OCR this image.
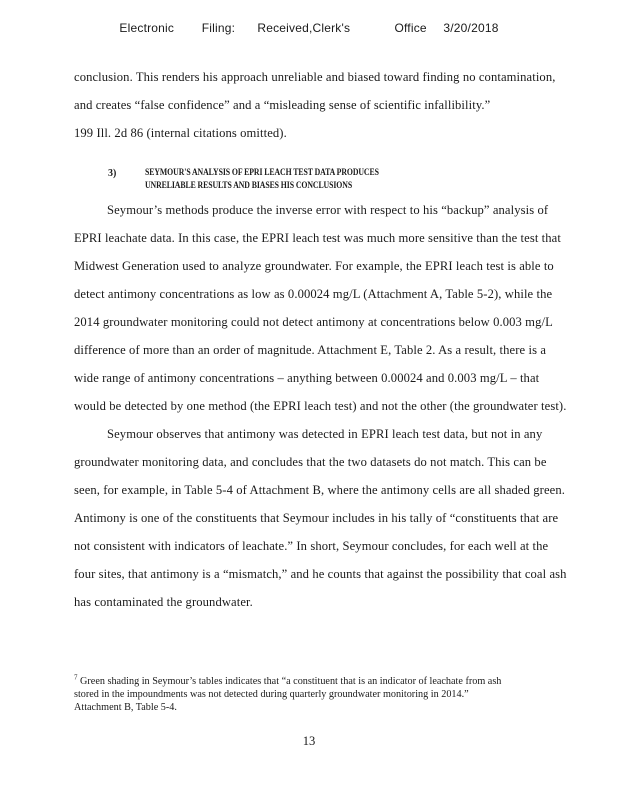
Electronic     Filing:    Received,Clerk's        Office   3/20/2018
conclusion. This renders his approach unreliable and biased toward finding no contamination,
and creates “false confidence” and a “misleading sense of scientific infallibility.”
199 Ill. 2d 86 (internal citations omitted).
3)	SEYMOUR'S ANALYSIS OF EPRI LEACH TEST DATA PRODUCES
UNRELIABLE RESULTS AND BIASES HIS CONCLUSIONS
Seymour’s methods produce the inverse error with respect to his “backup” analysis of
EPRI leachate data. In this case, the EPRI leach test was much more sensitive than the test that
Midwest Generation used to analyze groundwater. For example, the EPRI leach test is able to
detect antimony concentrations as low as 0.00024 mg/L (Attachment A, Table 5-2), while the
2014 groundwater monitoring could not detect antimony at concentrations below 0.003 mg/L
difference of more than an order of magnitude. Attachment E, Table 2. As a result, there is a
wide range of antimony concentrations – anything between 0.00024 and 0.003 mg/L – that
would be detected by one method (the EPRI leach test) and not the other (the groundwater test).
Seymour observes that antimony was detected in EPRI leach test data, but not in any
groundwater monitoring data, and concludes that the two datasets do not match. This can be
seen, for example, in Table 5-4 of Attachment B, where the antimony cells are all shaded green.
Antimony is one of the constituents that Seymour includes in his tally of “constituents that are
not consistent with indicators of leachate.” In short, Seymour concludes, for each well at the
four sites, that antimony is a “mismatch,” and he counts that against the possibility that coal ash
has contaminated the groundwater.
$^7$ Green shading in Seymour’s tables indicates that “a constituent that is an indicator of leachate from ash
stored in the impoundments was not detected during quarterly groundwater monitoring in 2014.”
Attachment B, Table 5-4.
13
